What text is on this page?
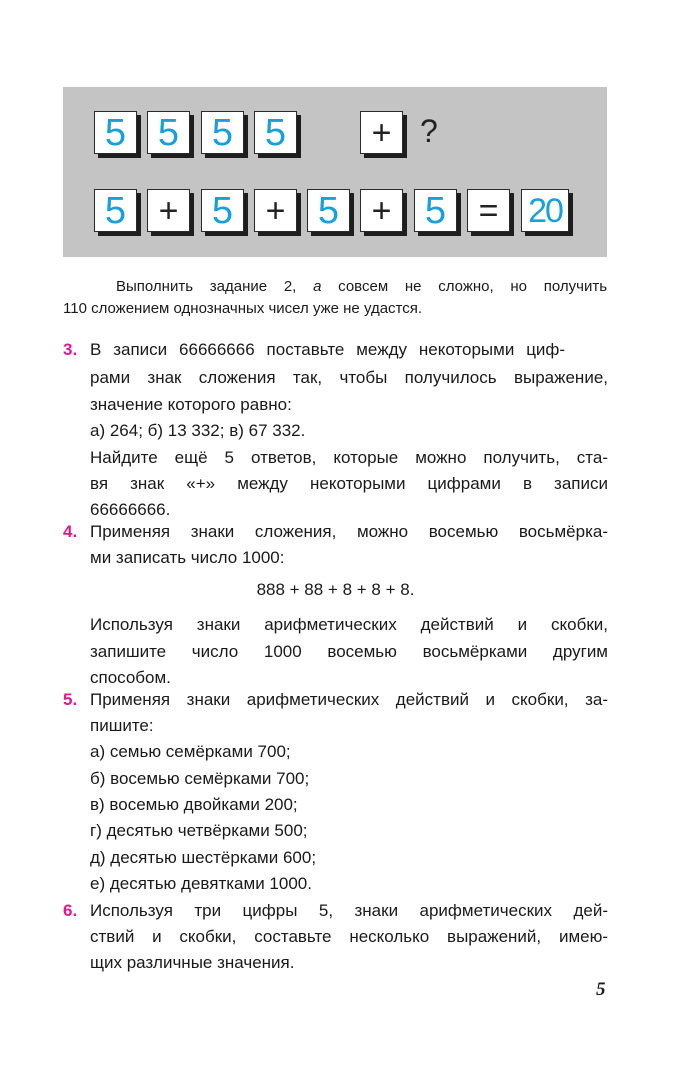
5 5 5 5	+ ?
5 + 5 + 5 + 5 = 20

Выполнить задание 2, а совсем не сложно, но получить

110 сложением однозначных чисел уже не удастся.

3. В записи 66666666 поставьте между некоторыми циф-
рами знак сложения так, чтобы получилось выражение,
значение которого равно:
а) 264; б) 13 332; в) 67 332.
Найдите ещё 5 ответов, которые можно получить, ста-
вя знак «+» между некоторыми цифрами в записи
66666666.
4. Применяя знаки сложения, можно восемью восьмёрка-
ми записать число 1000:
888 + 88 + 8 + 8 + 8.
Используя знаки арифметических действий и скобки,
запишите число 1000 восемью восьмёрками другим
способом.
5. Применяя знаки арифметических действий и скобки, за-
пишите:
а) семью семёрками 700;
б) восемью семёрками 700;
в) восемью двойками 200;
г) десятью четвёрками 500;
д) десятью шестёрками 600;
е) десятью девятками 1000.
6. Используя три цифры 5, знаки арифметических дей-
ствий и скобки, составьте несколько выражений, имею-
щих различные значения.
5
